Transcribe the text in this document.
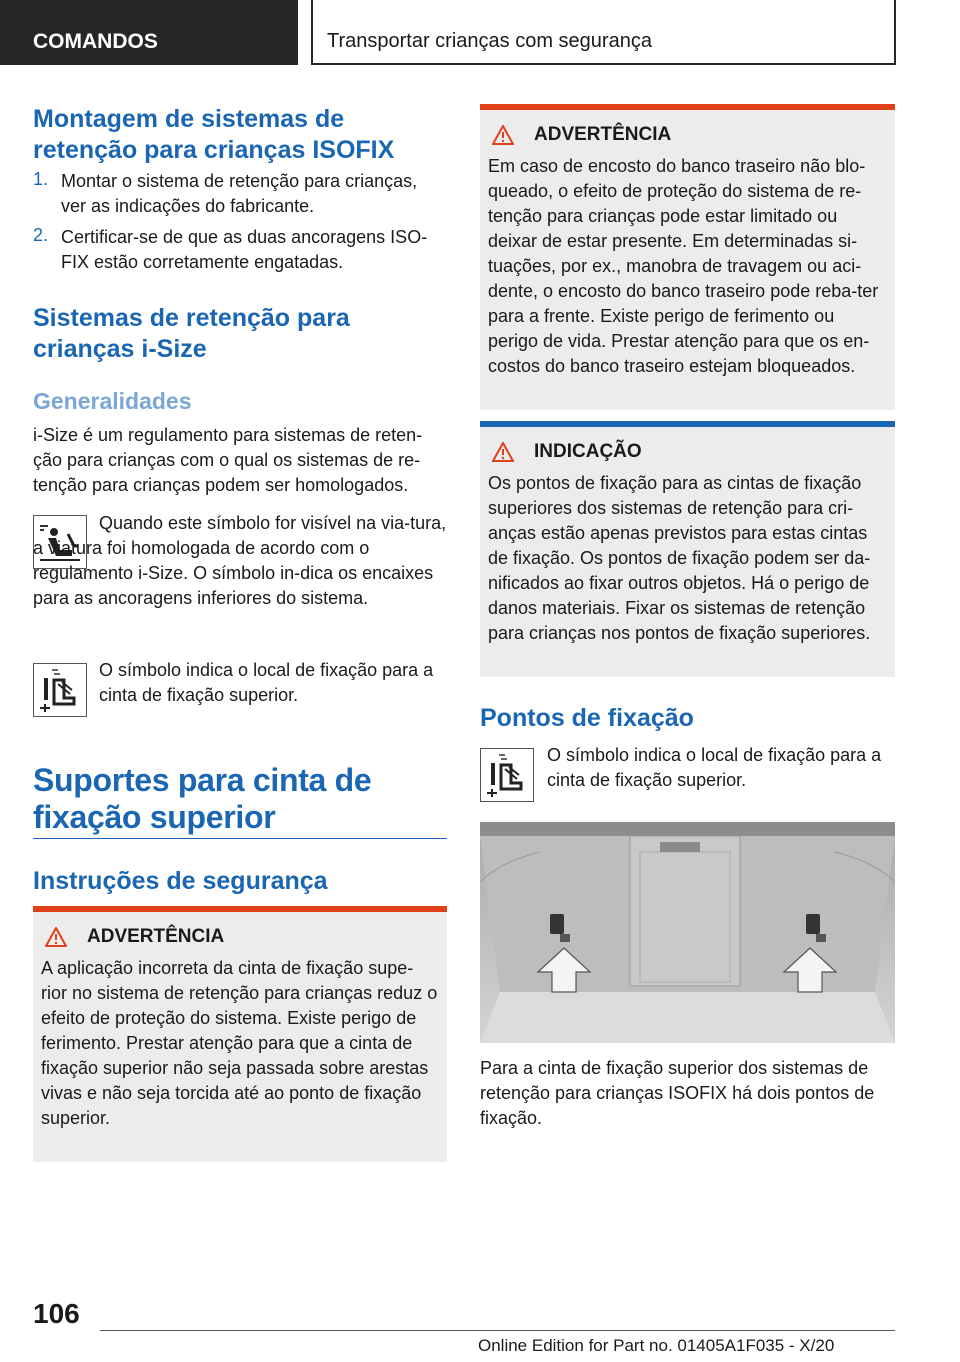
COMANDOS	Transportar crianças com segurança
Montagem de sistemas de retenção para crianças ISOFIX
1. Montar o sistema de retenção para crianças, ver as indicações do fabricante.

2. Certificar-se de que as duas ancoragens ISO-FIX estão corretamente engatadas.

Sistemas de retenção para crianças i-Size
Generalidades

i-Size é um regulamento para sistemas de reten-ção para crianças com o qual os sistemas de re-tenção para crianças podem ser homologados.

Quando este símbolo for visível na via-tura, a viatura foi homologada de acordo com o regulamento i-Size. O símbolo in-dica os encaixes para as ancoragens inferiores do sistema.

O símbolo indica o local de fixação para a cinta de fixação superior.

Suportes para cinta de fixação superior
Instruções de segurança
ADVERTÊNCIA

A aplicação incorreta da cinta de fixação supe-rior no sistema de retenção para crianças reduz o efeito de proteção do sistema. Existe perigo de ferimento. Prestar atenção para que a cinta de fixação superior não seja passada sobre arestas vivas e não seja torcida até ao ponto de fixação superior.

ADVERTÊNCIA

Em caso de encosto do banco traseiro não blo-queado, o efeito de proteção do sistema de re-tenção para crianças pode estar limitado ou deixar de estar presente. Em determinadas si-tuações, por ex., manobra de travagem ou aci-dente, o encosto do banco traseiro pode reba-ter para a frente. Existe perigo de ferimento ou perigo de vida. Prestar atenção para que os en-costos do banco traseiro estejam bloqueados.

INDICAÇÃO

Os pontos de fixação para as cintas de fixação superiores dos sistemas de retenção para cri-anças estão apenas previstos para estas cintas de fixação. Os pontos de fixação podem ser da-nificados ao fixar outros objetos. Há o perigo de danos materiais. Fixar os sistemas de retenção para crianças nos pontos de fixação superiores.

Pontos de fixação

O símbolo indica o local de fixação para a cinta de fixação superior.

Para a cinta de fixação superior dos sistemas de retenção para crianças ISOFIX há dois pontos de fixação.

106
Online Edition for Part no. 01405A1F035 - X/20
